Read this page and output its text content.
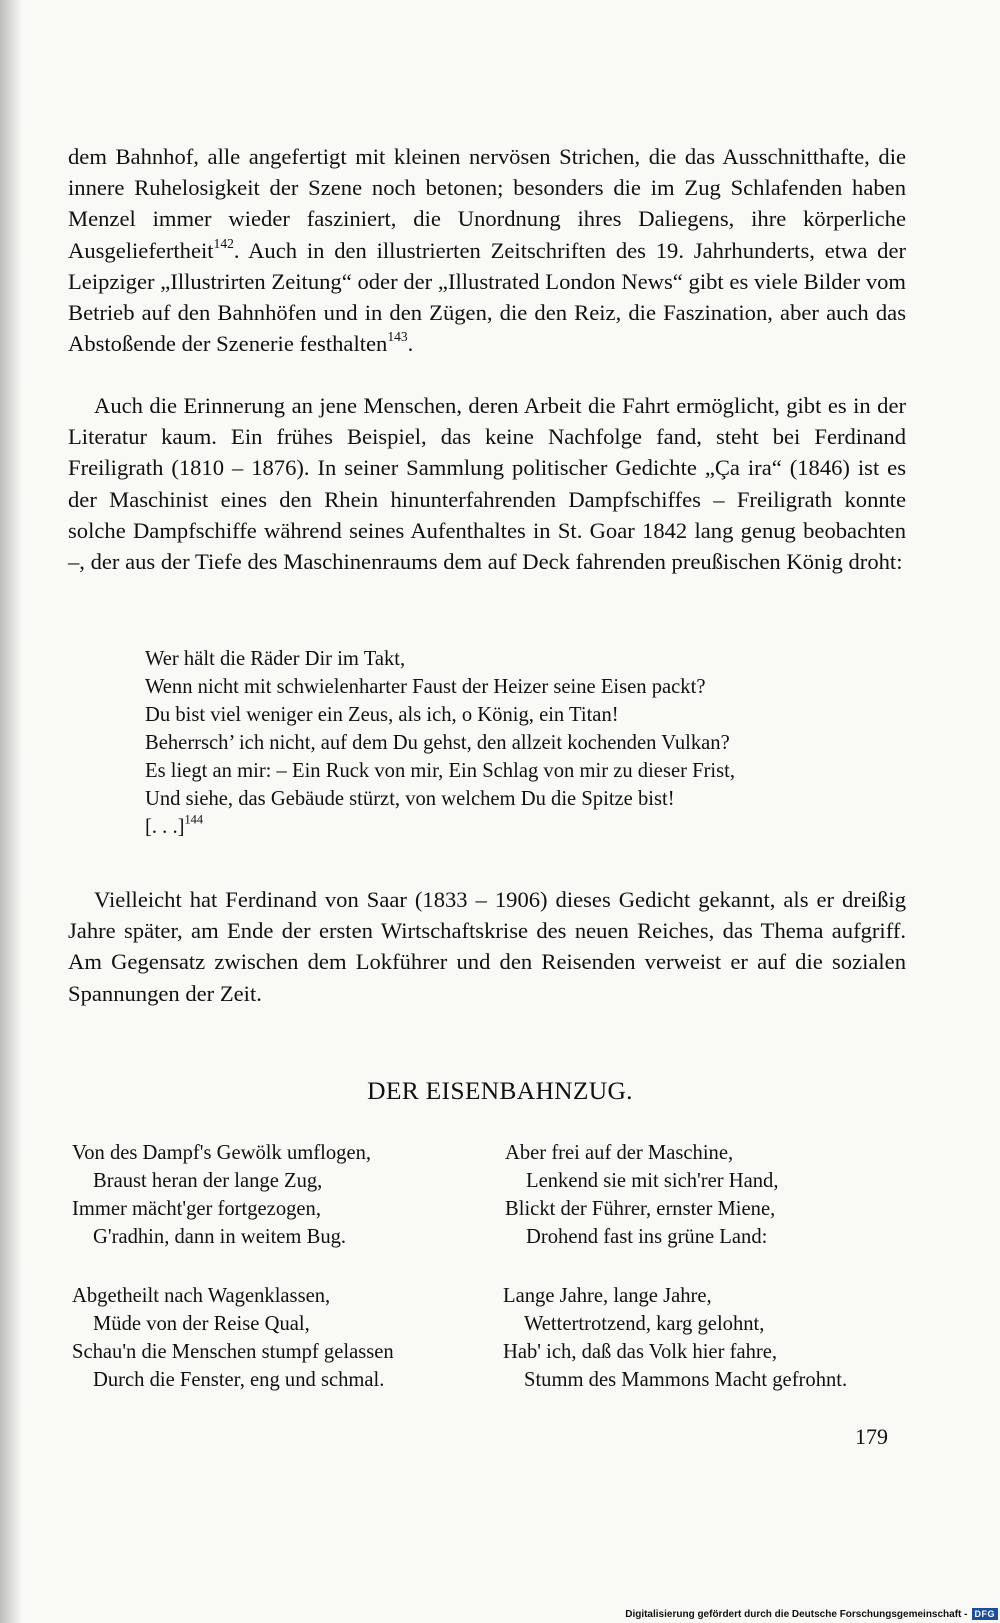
dem Bahnhof, alle angefertigt mit kleinen nervösen Strichen, die das Ausschnitthafte, die innere Ruhelosigkeit der Szene noch betonen; besonders die im Zug Schlafenden haben Menzel immer wieder fasziniert, die Unordnung ihres Daliegens, ihre körperliche Ausgeliefertheit$^{142}$. Auch in den illustrierten Zeitschriften des 19. Jahrhunderts, etwa der Leipziger „Illustrirten Zeitung“ oder der „Illustrated London News“ gibt es viele Bilder vom Betrieb auf den Bahnhöfen und in den Zügen, die den Reiz, die Faszination, aber auch das Abstoßende der Szenerie festhalten$^{143}$.

Auch die Erinnerung an jene Menschen, deren Arbeit die Fahrt ermöglicht, gibt es in der Literatur kaum. Ein frühes Beispiel, das keine Nachfolge fand, steht bei Ferdinand Freiligrath (1810 – 1876). In seiner Sammlung politischer Gedichte „Ça ira“ (1846) ist es der Maschinist eines den Rhein hinunterfahrenden Dampfschiffes – Freiligrath konnte solche Dampfschiffe während seines Aufenthaltes in St. Goar 1842 lang genug beobachten –, der aus der Tiefe des Maschinenraums dem auf Deck fahrenden preußischen König droht:

Wer hält die Räder Dir im Takt,
Wenn nicht mit schwielenharter Faust der Heizer seine Eisen packt?
Du bist viel weniger ein Zeus, als ich, o König, ein Titan!
Beherrsch’ ich nicht, auf dem Du gehst, den allzeit kochenden Vulkan?
Es liegt an mir: – Ein Ruck von mir, Ein Schlag von mir zu dieser Frist,
Und siehe, das Gebäude stürzt, von welchem Du die Spitze bist!
[. . .]$^{144}$

Vielleicht hat Ferdinand von Saar (1833 – 1906) dieses Gedicht gekannt, als er dreißig Jahre später, am Ende der ersten Wirtschaftskrise des neuen Reiches, das Thema aufgriff. Am Gegensatz zwischen dem Lokführer und den Reisenden verweist er auf die sozialen Spannungen der Zeit.

DER EISENBAHNZUG.
Von des Dampf's Gewölk umflogen,
Braust heran der lange Zug,
Immer mächt'ger fortgezogen,
G'radhin, dann in weitem Bug.
Aber frei auf der Maschine,
Lenkend sie mit sich'rer Hand,
Blickt der Führer, ernster Miene,
Drohend fast ins grüne Land:
Abgetheilt nach Wagenklassen,
Müde von der Reise Qual,
Schau'n die Menschen stumpf gelassen
Durch die Fenster, eng und schmal.
Lange Jahre, lange Jahre,
Wettertrotzend, karg gelohnt,
Hab' ich, daß das Volk hier fahre,
Stumm des Mammons Macht gefrohnt.
179
Digitalisierung gefördert durch die Deutsche Forschungsgemeinschaft - DFG
